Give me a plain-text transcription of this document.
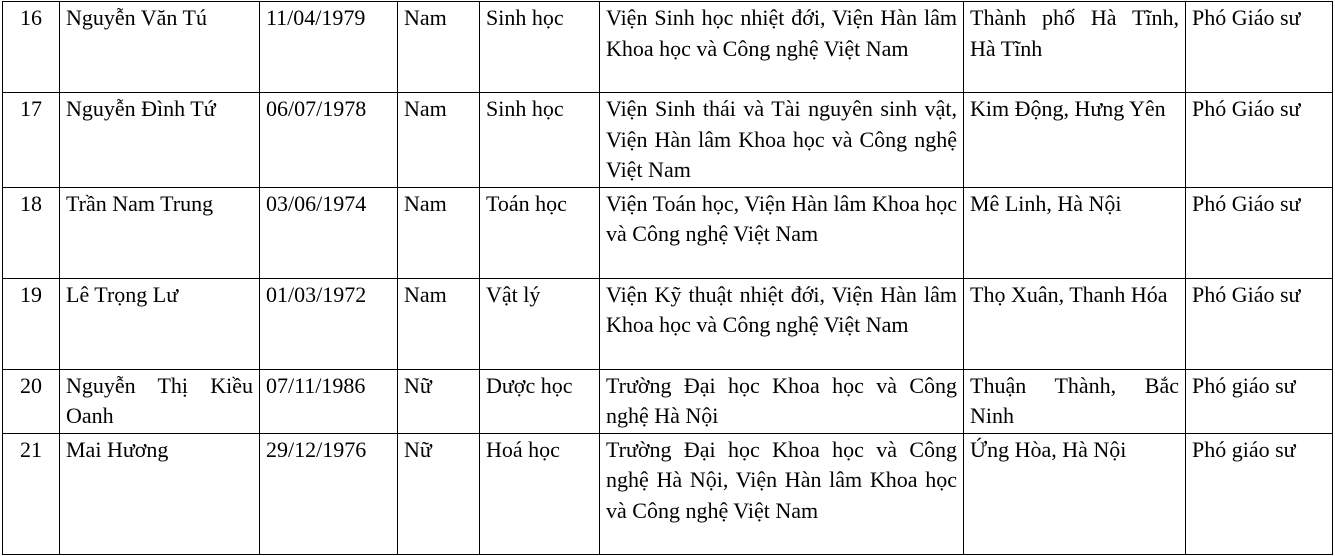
16	Nguyễn Văn Tú	11/04/1979	Nam	Sinh học	Viện Sinh học nhiệt đới, Viện Hàn lâm Khoa học và Công nghệ Việt Nam	Thành phố Hà Tĩnh, Hà Tĩnh	Phó Giáo sư
17	Nguyễn Đình Tứ	06/07/1978	Nam	Sinh học	Viện Sinh thái và Tài nguyên sinh vật, Viện Hàn lâm Khoa học và Công nghệ Việt Nam	Kim Động, Hưng Yên	Phó Giáo sư
18	Trần Nam Trung	03/06/1974	Nam	Toán học	Viện Toán học, Viện Hàn lâm Khoa học và Công nghệ Việt Nam	Mê Linh, Hà Nội	Phó Giáo sư
19	Lê Trọng Lư	01/03/1972	Nam	Vật lý	Viện Kỹ thuật nhiệt đới, Viện Hàn lâm Khoa học và Công nghệ Việt Nam	Thọ Xuân, Thanh Hóa	Phó Giáo sư
20	Nguyễn Thị Kiều Oanh	07/11/1986	Nữ	Dược học	Trường Đại học Khoa học và Công nghệ Hà Nội	Thuận Thành, Bắc Ninh	Phó giáo sư
21	Mai Hương	29/12/1976	Nữ	Hoá học	Trường Đại học Khoa học và Công nghệ Hà Nội, Viện Hàn lâm Khoa học và Công nghệ Việt Nam	Ứng Hòa, Hà Nội	Phó giáo sư
